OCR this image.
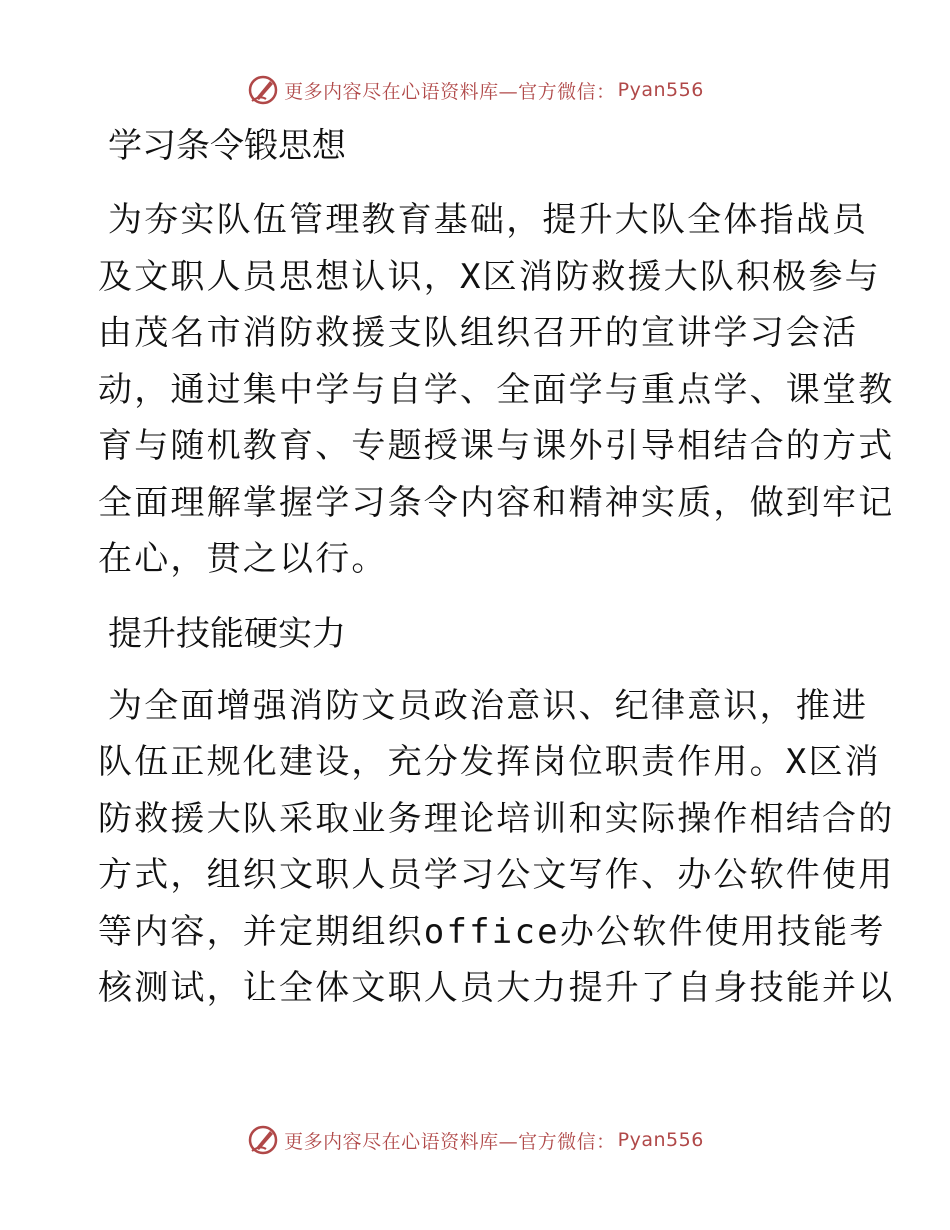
更多内容尽在心语资料库—官方微信： Pyan556
学习条令锻思想
为夯实队伍管理教育基础，提升大队全体指战员
及文职人员思想认识，X区消防救援大队积极参与
由茂名市消防救援支队组织召开的宣讲学习会活
动，通过集中学与自学、全面学与重点学、课堂教
育与随机教育、专题授课与课外引导相结合的方式
全面理解掌握学习条令内容和精神实质，做到牢记
在心，贯之以行。
提升技能硬实力
为全面增强消防文员政治意识、纪律意识，推进
队伍正规化建设，充分发挥岗位职责作用。X区消
防救援大队采取业务理论培训和实际操作相结合的
方式，组织文职人员学习公文写作、办公软件使用
等内容，并定期组织office办公软件使用技能考
核测试，让全体文职人员大力提升了自身技能并以
更多内容尽在心语资料库—官方微信： Pyan556
